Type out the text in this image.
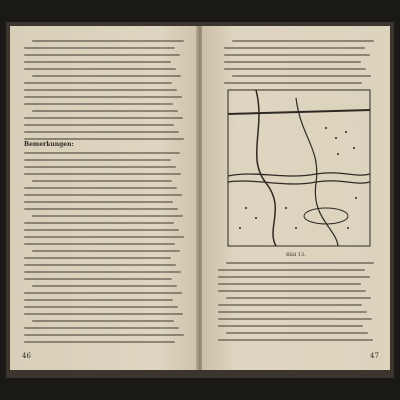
Bemerkungen:
46
Bild 13.
47
